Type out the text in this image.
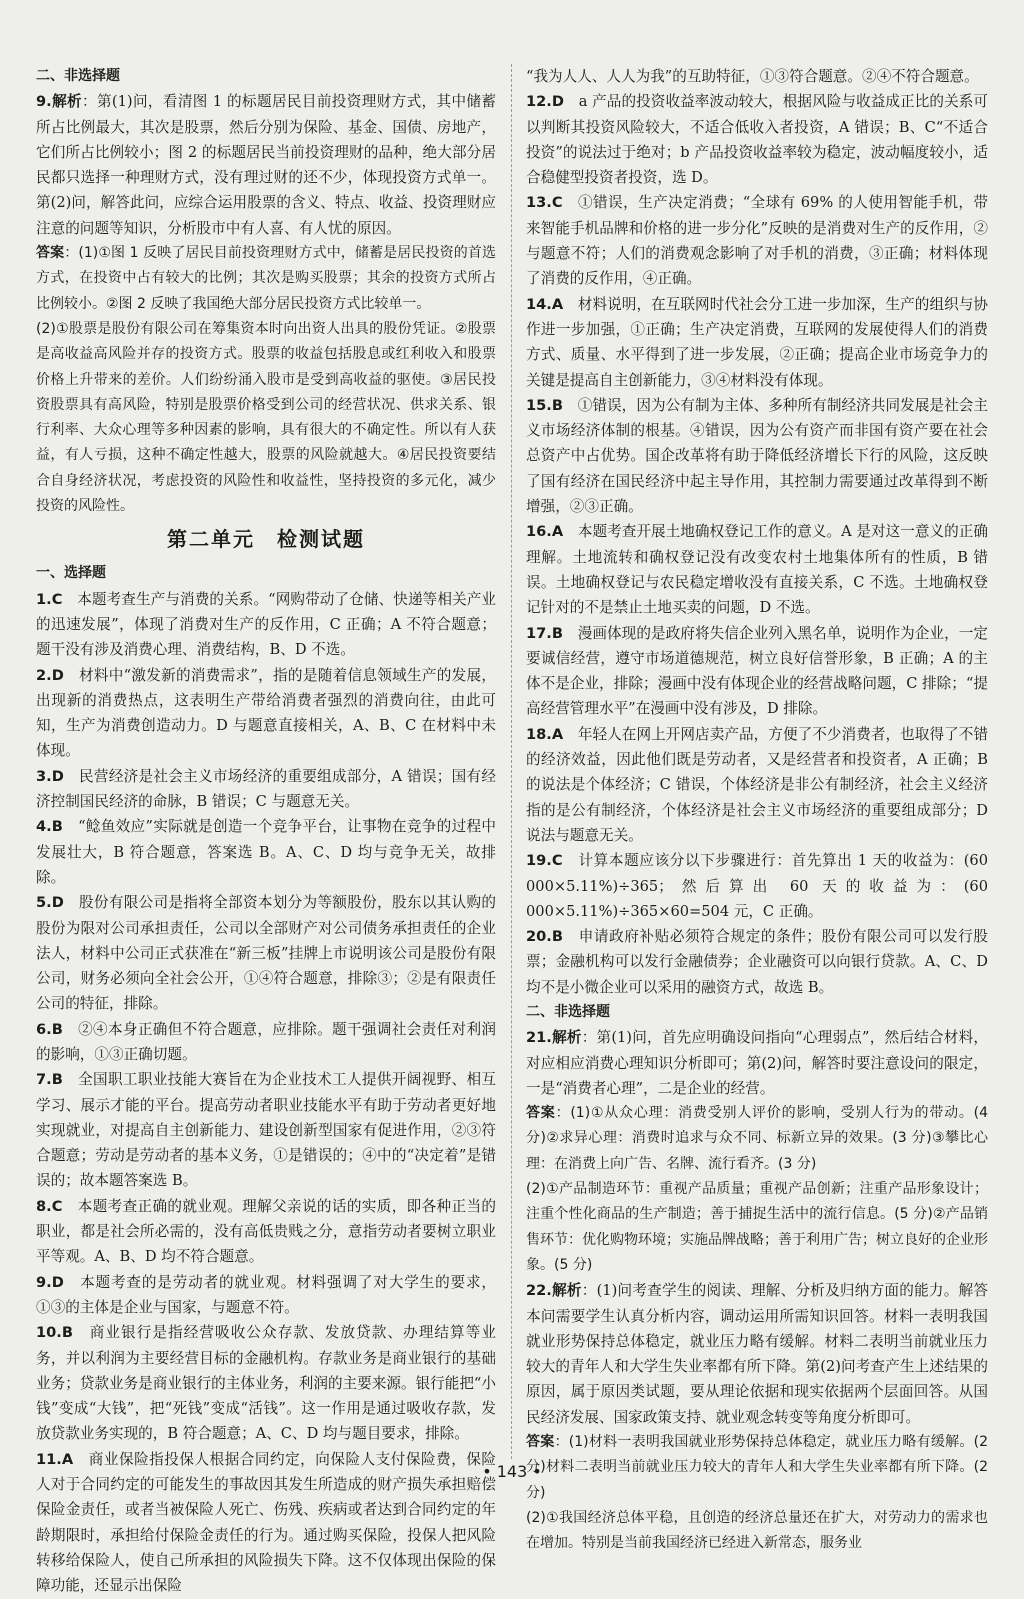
二、非选择题

9.解析：第(1)问，看清图 1 的标题居民目前投资理财方式，其中储蓄所占比例最大，其次是股票，然后分别为保险、基金、国债、房地产，它们所占比例较小；图 2 的标题居民当前投资理财的品种，绝大部分居民都只选择一种理财方式，没有理过财的还不少，体现投资方式单一。第(2)问，解答此问，应综合运用股票的含义、特点、收益、投资理财应注意的问题等知识，分析股市中有人喜、有人忧的原因。

答案：(1)①图 1 反映了居民目前投资理财方式中，储蓄是居民投资的首选方式，在投资中占有较大的比例；其次是购买股票；其余的投资方式所占比例较小。②图 2 反映了我国绝大部分居民投资方式比较单一。

(2)①股票是股份有限公司在筹集资本时向出资人出具的股份凭证。②股票是高收益高风险并存的投资方式。股票的收益包括股息或红利收入和股票价格上升带来的差价。人们纷纷涌入股市是受到高收益的驱使。③居民投资股票具有高风险，特别是股票价格受到公司的经营状况、供求关系、银行利率、大众心理等多种因素的影响，具有很大的不确定性。所以有人获益，有人亏损，这种不确定性越大，股票的风险就越大。④居民投资要结合自身经济状况，考虑投资的风险性和收益性，坚持投资的多元化，减少投资的风险性。

第二单元　检测试题

一、选择题

1.C　本题考查生产与消费的关系。“网购带动了仓储、快递等相关产业的迅速发展”，体现了消费对生产的反作用，C 正确；A 不符合题意；题干没有涉及消费心理、消费结构，B、D 不选。

2.D　材料中“激发新的消费需求”，指的是随着信息领域生产的发展，出现新的消费热点，这表明生产带给消费者强烈的消费向往，由此可知，生产为消费创造动力。D 与题意直接相关，A、B、C 在材料中未体现。

3.D　民营经济是社会主义市场经济的重要组成部分，A 错误；国有经济控制国民经济的命脉，B 错误；C 与题意无关。

4.B　“鲶鱼效应”实际就是创造一个竞争平台，让事物在竞争的过程中发展壮大，B 符合题意，答案选 B。A、C、D 均与竞争无关，故排除。

5.D　股份有限公司是指将全部资本划分为等额股份，股东以其认购的股份为限对公司承担责任，公司以全部财产对公司债务承担责任的企业法人，材料中公司正式获准在“新三板”挂牌上市说明该公司是股份有限公司，财务必须向全社会公开，①④符合题意，排除③；②是有限责任公司的特征，排除。

6.B　②④本身正确但不符合题意，应排除。题干强调社会责任对利润的影响，①③正确切题。

7.B　全国职工职业技能大赛旨在为企业技术工人提供开阔视野、相互学习、展示才能的平台。提高劳动者职业技能水平有助于劳动者更好地实现就业，对提高自主创新能力、建设创新型国家有促进作用，②③符合题意；劳动是劳动者的基本义务，①是错误的；④中的“决定着”是错误的；故本题答案选 B。

8.C　本题考查正确的就业观。理解父亲说的话的实质，即各种正当的职业，都是社会所必需的，没有高低贵贱之分，意指劳动者要树立职业平等观。A、B、D 均不符合题意。

9.D　本题考查的是劳动者的就业观。材料强调了对大学生的要求，①③的主体是企业与国家，与题意不符。

10.B　商业银行是指经营吸收公众存款、发放贷款、办理结算等业务，并以利润为主要经营目标的金融机构。存款业务是商业银行的基础业务；贷款业务是商业银行的主体业务，利润的主要来源。银行能把“小钱”变成“大钱”，把“死钱”变成“活钱”。这一作用是通过吸收存款，发放贷款业务实现的，B 符合题意；A、C、D 均与题目要求，排除。

11.A　商业保险指投保人根据合同约定，向保险人支付保险费，保险人对于合同约定的可能发生的事故因其发生所造成的财产损失承担赔偿保险金责任，或者当被保险人死亡、伤残、疾病或者达到合同约定的年龄期限时，承担给付保险金责任的行为。通过购买保险，投保人把风险转移给保险人，使自己所承担的风险损失下降。这不仅体现出保险的保障功能，还显示出保险

“我为人人、人人为我”的互助特征，①③符合题意。②④不符合题意。

12.D　a 产品的投资收益率波动较大，根据风险与收益成正比的关系可以判断其投资风险较大，不适合低收入者投资，A 错误；B、C“不适合投资”的说法过于绝对；b 产品投资收益率较为稳定，波动幅度较小，适合稳健型投资者投资，选 D。

13.C　①错误，生产决定消费；“全球有 69% 的人使用智能手机，带来智能手机品牌和价格的进一步分化”反映的是消费对生产的反作用，②与题意不符；人们的消费观念影响了对手机的消费，③正确；材料体现了消费的反作用，④正确。

14.A　材料说明，在互联网时代社会分工进一步加深，生产的组织与协作进一步加强，①正确；生产决定消费，互联网的发展使得人们的消费方式、质量、水平得到了进一步发展，②正确；提高企业市场竞争力的关键是提高自主创新能力，③④材料没有体现。

15.B　①错误，因为公有制为主体、多种所有制经济共同发展是社会主义市场经济体制的根基。④错误，因为公有资产而非国有资产要在社会总资产中占优势。国企改革将有助于降低经济增长下行的风险，这反映了国有经济在国民经济中起主导作用，其控制力需要通过改革得到不断增强，②③正确。

16.A　本题考查开展土地确权登记工作的意义。A 是对这一意义的正确理解。土地流转和确权登记没有改变农村土地集体所有的性质，B 错误。土地确权登记与农民稳定增收没有直接关系，C 不选。土地确权登记针对的不是禁止土地买卖的问题，D 不选。

17.B　漫画体现的是政府将失信企业列入黑名单，说明作为企业，一定要诚信经营，遵守市场道德规范，树立良好信誉形象，B 正确；A 的主体不是企业，排除；漫画中没有体现企业的经营战略问题，C 排除；“提高经营管理水平”在漫画中没有涉及，D 排除。

18.A　年轻人在网上开网店卖产品，方便了不少消费者，也取得了不错的经济效益，因此他们既是劳动者，又是经营者和投资者，A 正确；B 的说法是个体经济；C 错误，个体经济是非公有制经济，社会主义经济指的是公有制经济，个体经济是社会主义市场经济的重要组成部分；D 说法与题意无关。

19.C　计算本题应该分以下步骤进行：首先算出 1 天的收益为：(60 000×5.11%)÷365；然后算出 60 天的收益为：(60 000×5.11%)÷365×60=504 元，C 正确。

20.B　申请政府补贴必须符合规定的条件；股份有限公司可以发行股票；金融机构可以发行金融债券；企业融资可以向银行贷款。A、C、D 均不是小微企业可以采用的融资方式，故选 B。

二、非选择题

21.解析：第(1)问，首先应明确设问指向“心理弱点”，然后结合材料，对应相应消费心理知识分析即可；第(2)问，解答时要注意设问的限定，一是“消费者心理”，二是企业的经营。

答案：(1)①从众心理：消费受别人评价的影响，受别人行为的带动。(4 分)②求异心理：消费时追求与众不同、标新立异的效果。(3 分)③攀比心理：在消费上向广告、名牌、流行看齐。(3 分)

(2)①产品制造环节：重视产品质量；重视产品创新；注重产品形象设计；注重个性化商品的生产制造；善于捕捉生活中的流行信息。(5 分)②产品销售环节：优化购物环境；实施品牌战略；善于利用广告；树立良好的企业形象。(5 分)

22.解析：(1)问考查学生的阅读、理解、分析及归纳方面的能力。解答本问需要学生认真分析内容，调动运用所需知识回答。材料一表明我国就业形势保持总体稳定，就业压力略有缓解。材料二表明当前就业压力较大的青年人和大学生失业率都有所下降。第(2)问考查产生上述结果的原因，属于原因类试题，要从理论依据和现实依据两个层面回答。从国民经济发展、国家政策支持、就业观念转变等角度分析即可。

答案：(1)材料一表明我国就业形势保持总体稳定，就业压力略有缓解。(2 分)材料二表明当前就业压力较大的青年人和大学生失业率都有所下降。(2 分)

(2)①我国经济总体平稳，且创造的经济总量还在扩大，对劳动力的需求也在增加。特别是当前我国经济已经进入新常态，服务业

• 143 •
